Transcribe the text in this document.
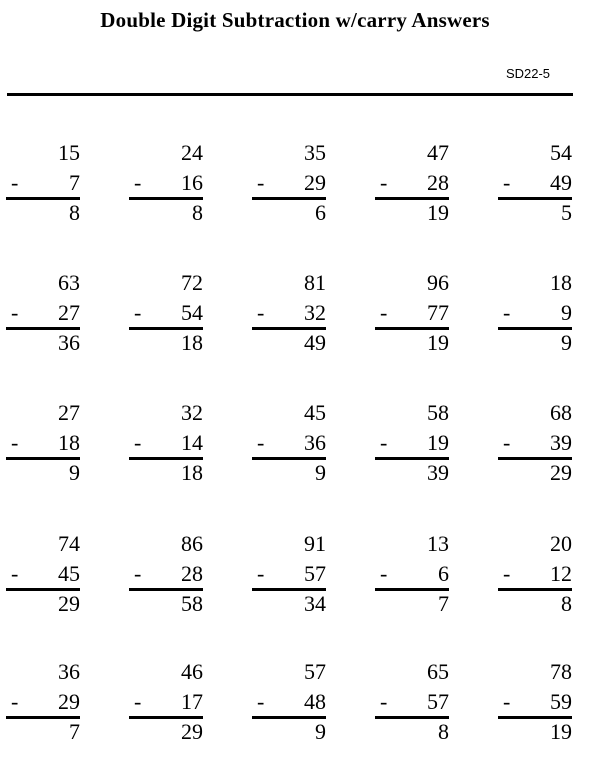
Double Digit Subtraction w/carry Answers
SD22-5
15
- 7
8
24
- 16
8
35
- 29
6
47
- 28
19
54
- 49
5
63
- 27
36
72
- 54
18
81
- 32
49
96
- 77
19
18
- 9
9
27
- 18
9
32
- 14
18
45
- 36
9
58
- 19
39
68
- 39
29
74
- 45
29
86
- 28
58
91
- 57
34
13
- 6
7
20
- 12
8
36
- 29
7
46
- 17
29
57
- 48
9
65
- 57
8
78
- 59
19
